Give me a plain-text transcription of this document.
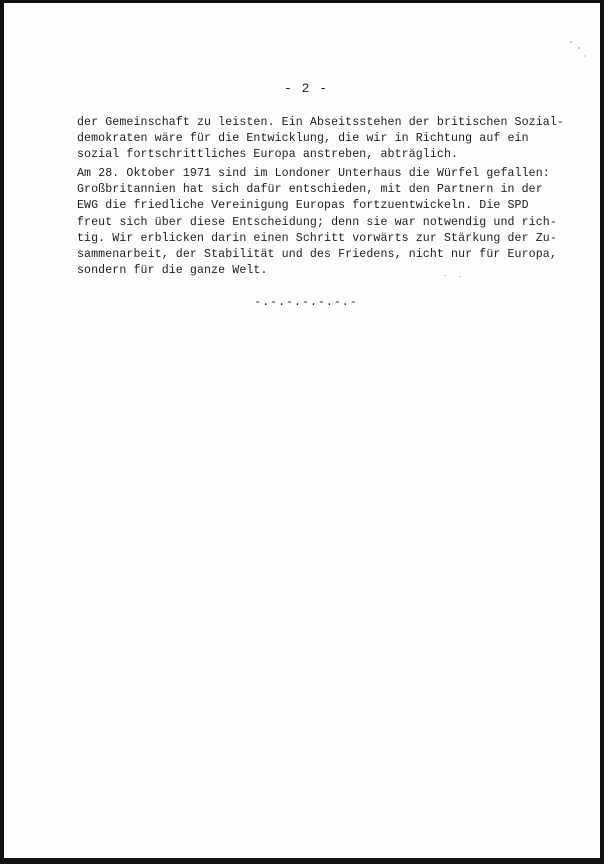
- 2 -
der Gemeinschaft zu leisten. Ein Abseitsstehen der britischen Sozial-
demokraten wäre für die Entwicklung, die wir in Richtung auf ein
sozial fortschrittliches Europa anstreben, abträglich.
Am 28. Oktober 1971 sind im Londoner Unterhaus die Würfel gefallen:
Großbritannien hat sich dafür entschieden, mit den Partnern in der
EWG die friedliche Vereinigung Europas fortzuentwickeln. Die SPD
freut sich über diese Entscheidung; denn sie war notwendig und rich-
tig. Wir erblicken darin einen Schritt vorwärts zur Stärkung der Zu-
sammenarbeit, der Stabilität und des Friedens, nicht nur für Europa,
sondern für die ganze Welt.
-.-.-.-.-.-.-
